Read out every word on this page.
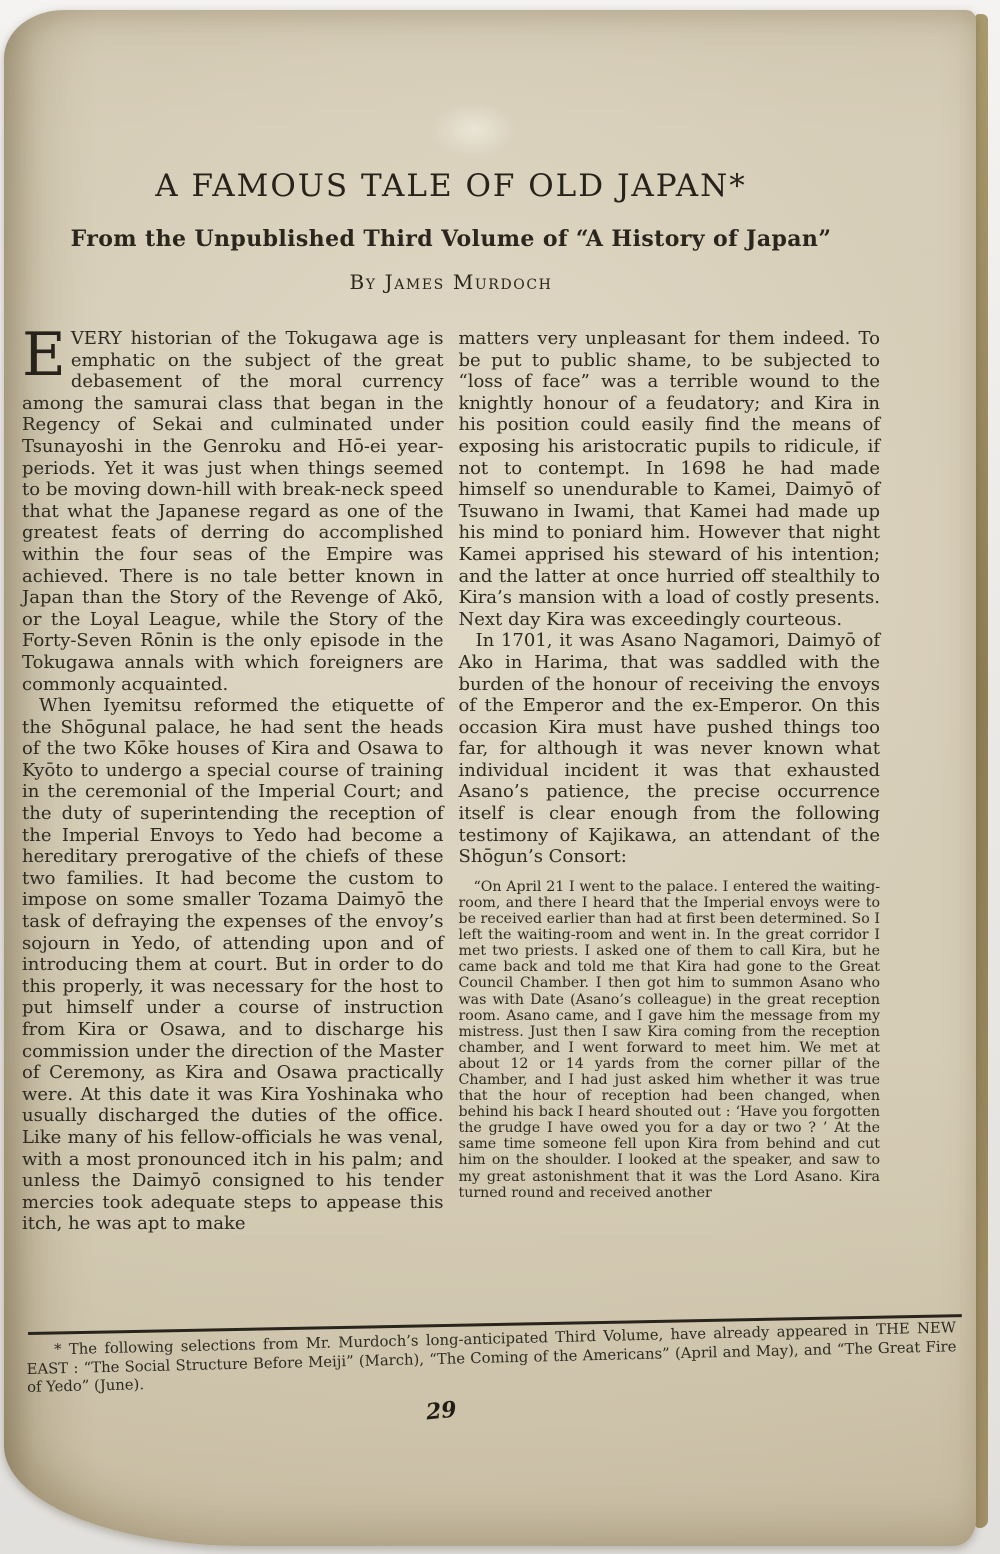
A FAMOUS TALE OF OLD JAPAN*
From the Unpublished Third Volume of “A History of Japan”
By James Murdoch

EVERY historian of the Tokugawa age is emphatic on the subject of the great debasement of the moral currency among the samurai class that began in the Regency of Sekai and culminated under Tsunayoshi in the Genroku and Hō-ei year-periods. Yet it was just when things seemed to be moving down-hill with break-neck speed that what the Japanese regard as one of the greatest feats of derring do accomplished within the four seas of the Empire was achieved. There is no tale better known in Japan than the Story of the Revenge of Akō, or the Loyal League, while the Story of the Forty-Seven Rōnin is the only episode in the Tokugawa annals with which foreigners are commonly acquainted.

When Iyemitsu reformed the etiquette of the Shōgunal palace, he had sent the heads of the two Kōke houses of Kira and Osawa to Kyōto to undergo a special course of training in the ceremonial of the Imperial Court; and the duty of superintending the reception of the Imperial Envoys to Yedo had become a hereditary prerogative of the chiefs of these two families. It had become the custom to impose on some smaller Tozama Daimyō the task of defraying the expenses of the envoy’s sojourn in Yedo, of attending upon and of introducing them at court. But in order to do this properly, it was necessary for the host to put himself under a course of instruction from Kira or Osawa, and to discharge his commission under the direction of the Master of Ceremony, as Kira and Osawa practically were. At this date it was Kira Yoshinaka who usually discharged the duties of the office. Like many of his fellow-officials he was venal, with a most pronounced itch in his palm; and unless the Daimyō consigned to his tender mercies took adequate steps to appease this itch, he was apt to make

matters very unpleasant for them indeed. To be put to public shame, to be subjected to “loss of face” was a terrible wound to the knightly honour of a feudatory; and Kira in his position could easily find the means of exposing his aristocratic pupils to ridicule, if not to contempt. In 1698 he had made himself so unendurable to Kamei, Daimyō of Tsuwano in Iwami, that Kamei had made up his mind to poniard him. However that night Kamei apprised his steward of his intention; and the latter at once hurried off stealthily to Kira’s mansion with a load of costly presents. Next day Kira was exceedingly courteous.

In 1701, it was Asano Nagamori, Daimyō of Ako in Harima, that was saddled with the burden of the honour of receiving the envoys of the Emperor and the ex-Emperor. On this occasion Kira must have pushed things too far, for although it was never known what individual incident it was that exhausted Asano’s patience, the precise occurrence itself is clear enough from the following testimony of Kajikawa, an attendant of the Shōgun’s Consort:

“On April 21 I went to the palace. I entered the waiting-room, and there I heard that the Imperial envoys were to be received earlier than had at first been determined. So I left the waiting-room and went in. In the great corridor I met two priests. I asked one of them to call Kira, but he came back and told me that Kira had gone to the Great Council Chamber. I then got him to summon Asano who was with Date (Asano’s colleague) in the great reception room. Asano came, and I gave him the message from my mistress. Just then I saw Kira coming from the reception chamber, and I went forward to meet him. We met at about 12 or 14 yards from the corner pillar of the Chamber, and I had just asked him whether it was true that the hour of reception had been changed, when behind his back I heard shouted out : ‘Have you forgotten the grudge I have owed you for a day or two ? ’ At the same time someone fell upon Kira from behind and cut him on the shoulder. I looked at the speaker, and saw to my great astonishment that it was the Lord Asano. Kira turned round and received another

* The following selections from Mr. Murdoch’s long-anticipated Third Volume, have already appeared in THE NEW EAST : “The Social Structure Before Meiji” (March), “The Coming of the Americans” (April and May), and “The Great Fire of Yedo” (June).
29
